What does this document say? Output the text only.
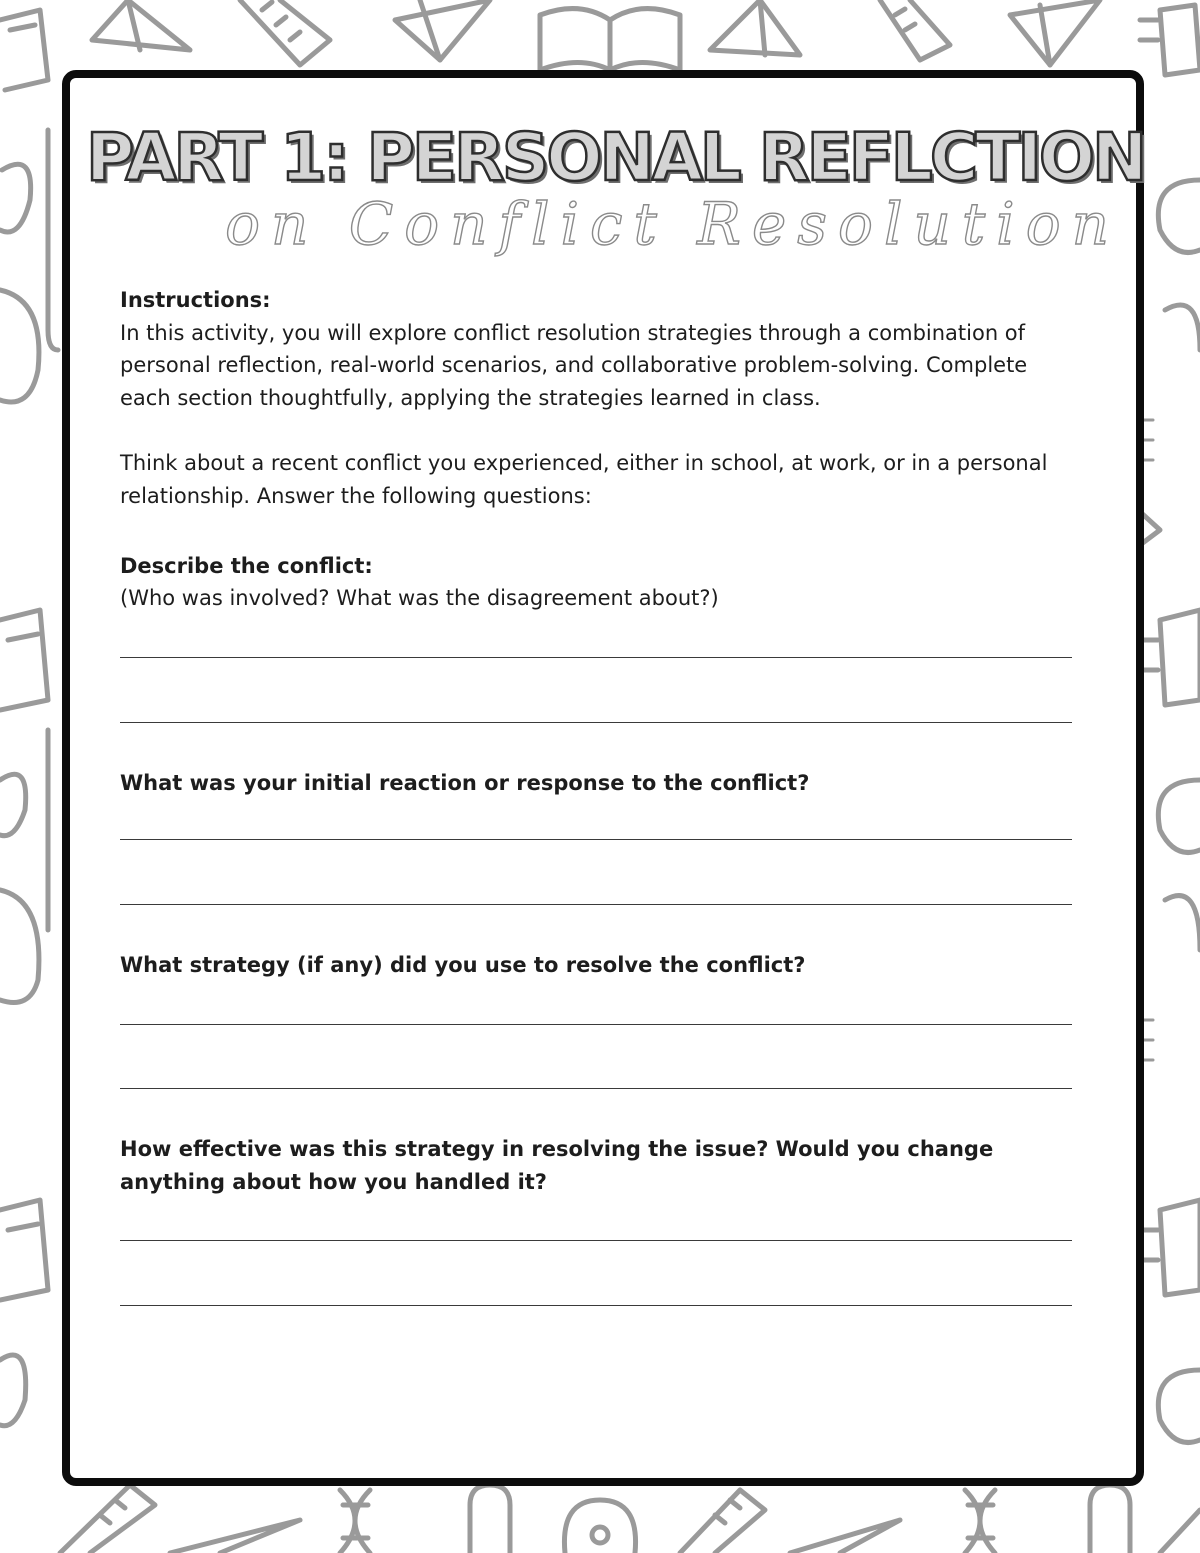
PART 1: PERSONAL REFLCTION
on Conflict Resolution

Instructions:

In this activity, you will explore conflict resolution strategies through a combination of personal reflection, real-world scenarios, and collaborative problem-solving. Complete each section thoughtfully, applying the strategies learned in class.

Think about a recent conflict you experienced, either in school, at work, or in a personal relationship. Answer the following questions:

Describe the conflict:

(Who was involved? What was the disagreement about?)

What was your initial reaction or response to the conflict?

What strategy (if any) did you use to resolve the conflict?

How effective was this strategy in resolving the issue? Would you change anything about how you handled it?
